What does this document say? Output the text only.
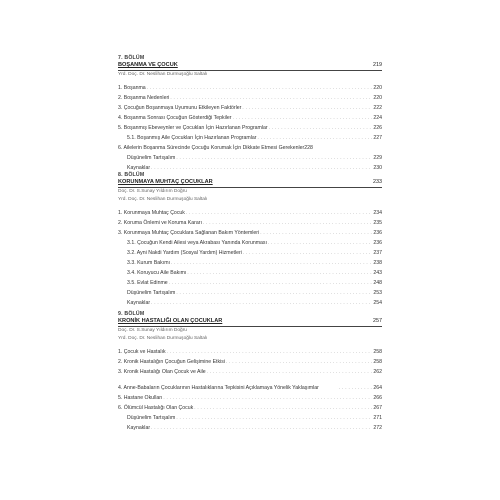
7. BÖLÜM
BOŞANMA VE ÇOCUK	219
Yrd. Doç. Dr. Neslihan Durmuşoğlu Saltalı
1. Boşanma . . .	220
2. Boşanma Nedenleri . . .	220
3. Çocuğun Boşanmaya Uyumunu Etkileyen Faktörler . . .	222
4. Boşanma Sonrası Çocuğun Gösterdiği Tepkiler . . .	224
5. Boşanmış Ebeveynler ve Çocukları İçin Hazırlanan Programlar . . .	226
5.1. Boşanmış Aile Çocukları İçin Hazırlanan Programlar . . .	227
6. Ailelerin Boşanma Sürecinde Çocuğu Korumak İçin Dikkate Etmesi Gerekenler 228
Düşünelim Tartışalım . . .	229
Kaynaklar . . .	230
8. BÖLÜM
KORUNMAYA MUHTAÇ ÇOCUKLAR	233
Doç. Dr. S.Sunay Yıldırım Doğru
Yrd. Doç. Dr. Neslihan Durmuşoğlu Saltalı
1. Korunmaya Muhtaç Çocuk . . .	234
2. Koruma Önlemi ve Koruma Kararı . . .	235
3. Korunmaya Muhtaç Çocuklara Sağlanan Bakım Yöntemleri . . .	236
3.1. Çocuğun Kendi Ailesi veya Akrabası Yanında Korunması . . .	236
3.2. Ayni Nakdi Yardım (Sosyal Yardım) Hizmetleri . . .	237
3.3. Kurum Bakımı . . .	238
3.4. Koruyucu Aile Bakımı . . .	243
3.5. Evlat Edinme . . .	248
Düşünelim Tartışalım . . .	253
Kaynaklar . . .	254
9. BÖLÜM
KRONİK HASTALIĞI OLAN ÇOCUKLAR	257
Doç. Dr. S.Sunay Yıldırım Doğru
Yrd. Doç. Dr. Neslihan Durmuşoğlu Saltalı
1. Çocuk ve Hastalık . . .	258
2. Kronik Hastalığın Çocuğun Gelişimine Etkisi . . .	258
3. Kronik Hastalığı Olan Çocuk ve Aile . . .	262
4. Anne-Babaların Çocuklarının Hastalıklarına Tepkisini Açıklamaya Yönelik Yaklaşımlar . . .	264
5. Hastane Okulları . . .	266
6. Ölümcül Hastalığı Olan Çocuk . . .	267
Düşünelim Tartışalım . . .	271
Kaynaklar . . .	272
